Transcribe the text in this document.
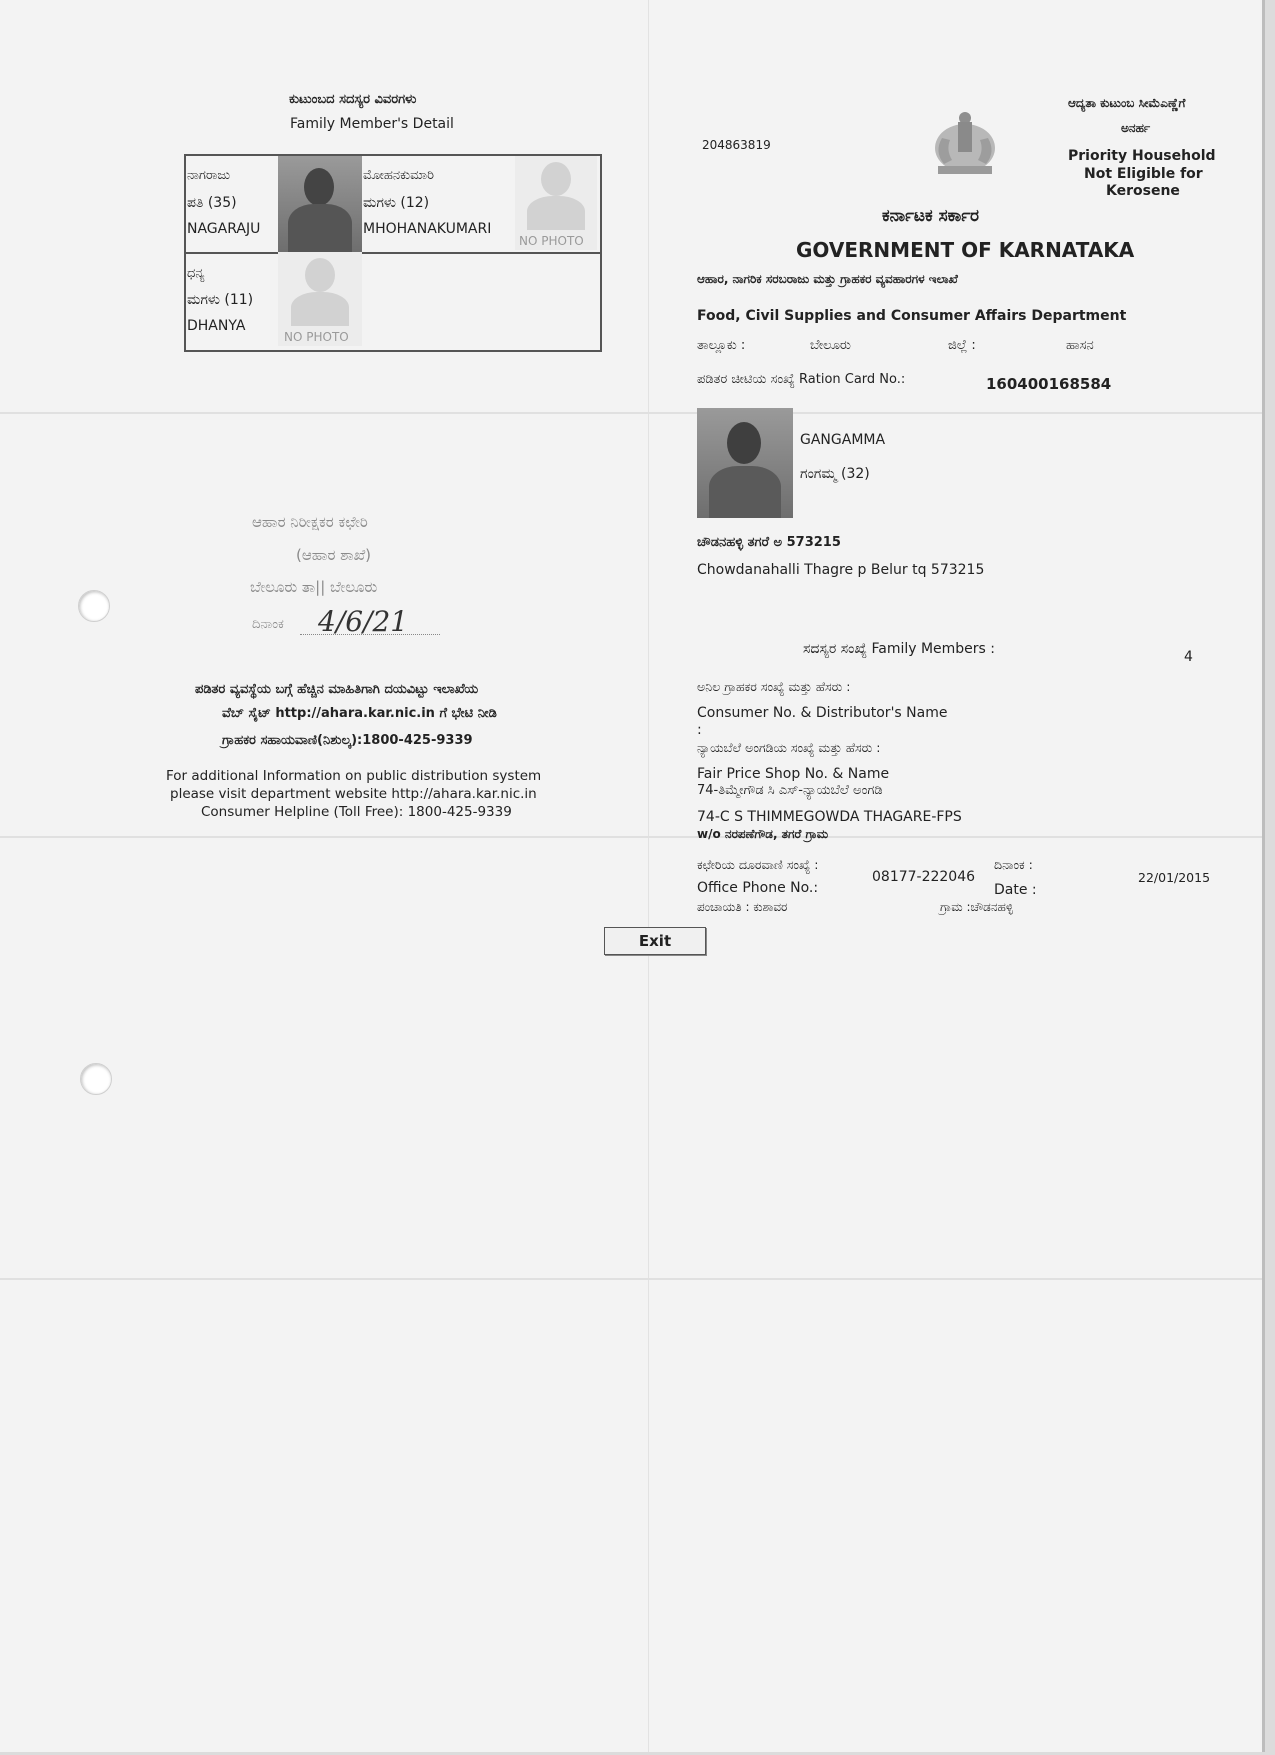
ಕುಟುಂಬದ ಸದಸ್ಯರ ವಿವರಗಳು
Family Member's Detail
ನಾಗರಾಜು
ಪತಿ (35)
NAGARAJU
ಮೋಹನಕುಮಾರಿ
ಮಗಳು (12)
MHOHANAKUMARI
NO PHOTO
ಧನ್ಯ
ಮಗಳು (11)
DHANYA
NO PHOTO
ಆಹಾರ ನಿರೀಕ್ಷಕರ ಕಛೇರಿ
(ಆಹಾರ ಶಾಖೆ)
ಬೇಲೂರು ತಾ|| ಬೇಲೂರು
ದಿನಾಂಕ 4/6/21
ಪಡಿತರ ವ್ಯವಸ್ಥೆಯ ಬಗ್ಗೆ ಹೆಚ್ಚಿನ ಮಾಹಿತಿಗಾಗಿ ದಯವಿಟ್ಟು ಇಲಾಖೆಯ
ವೆಬ್ ಸೈಟ್ http://ahara.kar.nic.in ಗೆ ಭೇಟಿ ನೀಡಿ
ಗ್ರಾಹಕರ ಸಹಾಯವಾಣಿ(ನಿಶುಲ್ಕ):1800-425-9339
For additional Information on public distribution system
please visit department website http://ahara.kar.nic.in
Consumer Helpline (Toll Free): 1800-425-9339
204863819
ಆದ್ಯತಾ ಕುಟುಂಬ ಸೀಮೆಎಣ್ಣೆಗೆ
ಅನರ್ಹ
Priority Household
Not Eligible for
Kerosene
ಕರ್ನಾಟಕ ಸರ್ಕಾರ
GOVERNMENT OF KARNATAKA
ಆಹಾರ, ನಾಗರಿಕ ಸರಬರಾಜು ಮತ್ತು ಗ್ರಾಹಕರ ವ್ಯವಹಾರಗಳ ಇಲಾಖೆ
Food, Civil Supplies and Consumer Affairs Department
ತಾಲ್ಲೂಕು :	ಬೇಲೂರು	ಜಿಲ್ಲೆ :	ಹಾಸನ
ಪಡಿತರ ಚೀಟಿಯ ಸಂಖ್ಯೆ Ration Card No.:	160400168584
GANGAMMA
ಗಂಗಮ್ಮ (32)
ಚೌಡನಹಳ್ಳಿ ತಗರೆ ಅ 573215
Chowdanahalli Thagre p Belur tq 573215
ಸದಸ್ಯರ ಸಂಖ್ಯೆ Family Members :	4
ಅನಿಲ ಗ್ರಾಹಕರ ಸಂಖ್ಯೆ ಮತ್ತು ಹೆಸರು :
Consumer No. & Distributor's Name
:
ನ್ಯಾಯಬೆಲೆ ಅಂಗಡಿಯ ಸಂಖ್ಯೆ ಮತ್ತು ಹೆಸರು :
Fair Price Shop No. & Name
74-ತಿಮ್ಮೇಗೌಡ ಸಿ ಎಸ್-ನ್ಯಾಯಬೆಲೆ ಅಂಗಡಿ
74-C S THIMMEGOWDA THAGARE-FPS
w/o ನರಪಣೆಗೌಡ, ತಗರೆ ಗ್ರಾಮ
ಕಛೇರಿಯ ದೂರವಾಣಿ ಸಂಖ್ಯೆ :
Office Phone No.:
08177-222046
ದಿನಾಂಕ :
Date :
22/01/2015
ಪಂಚಾಯತಿ : ಕುಶಾವರ	ಗ್ರಾಮ :ಚೌಡನಹಳ್ಳಿ
Exit
